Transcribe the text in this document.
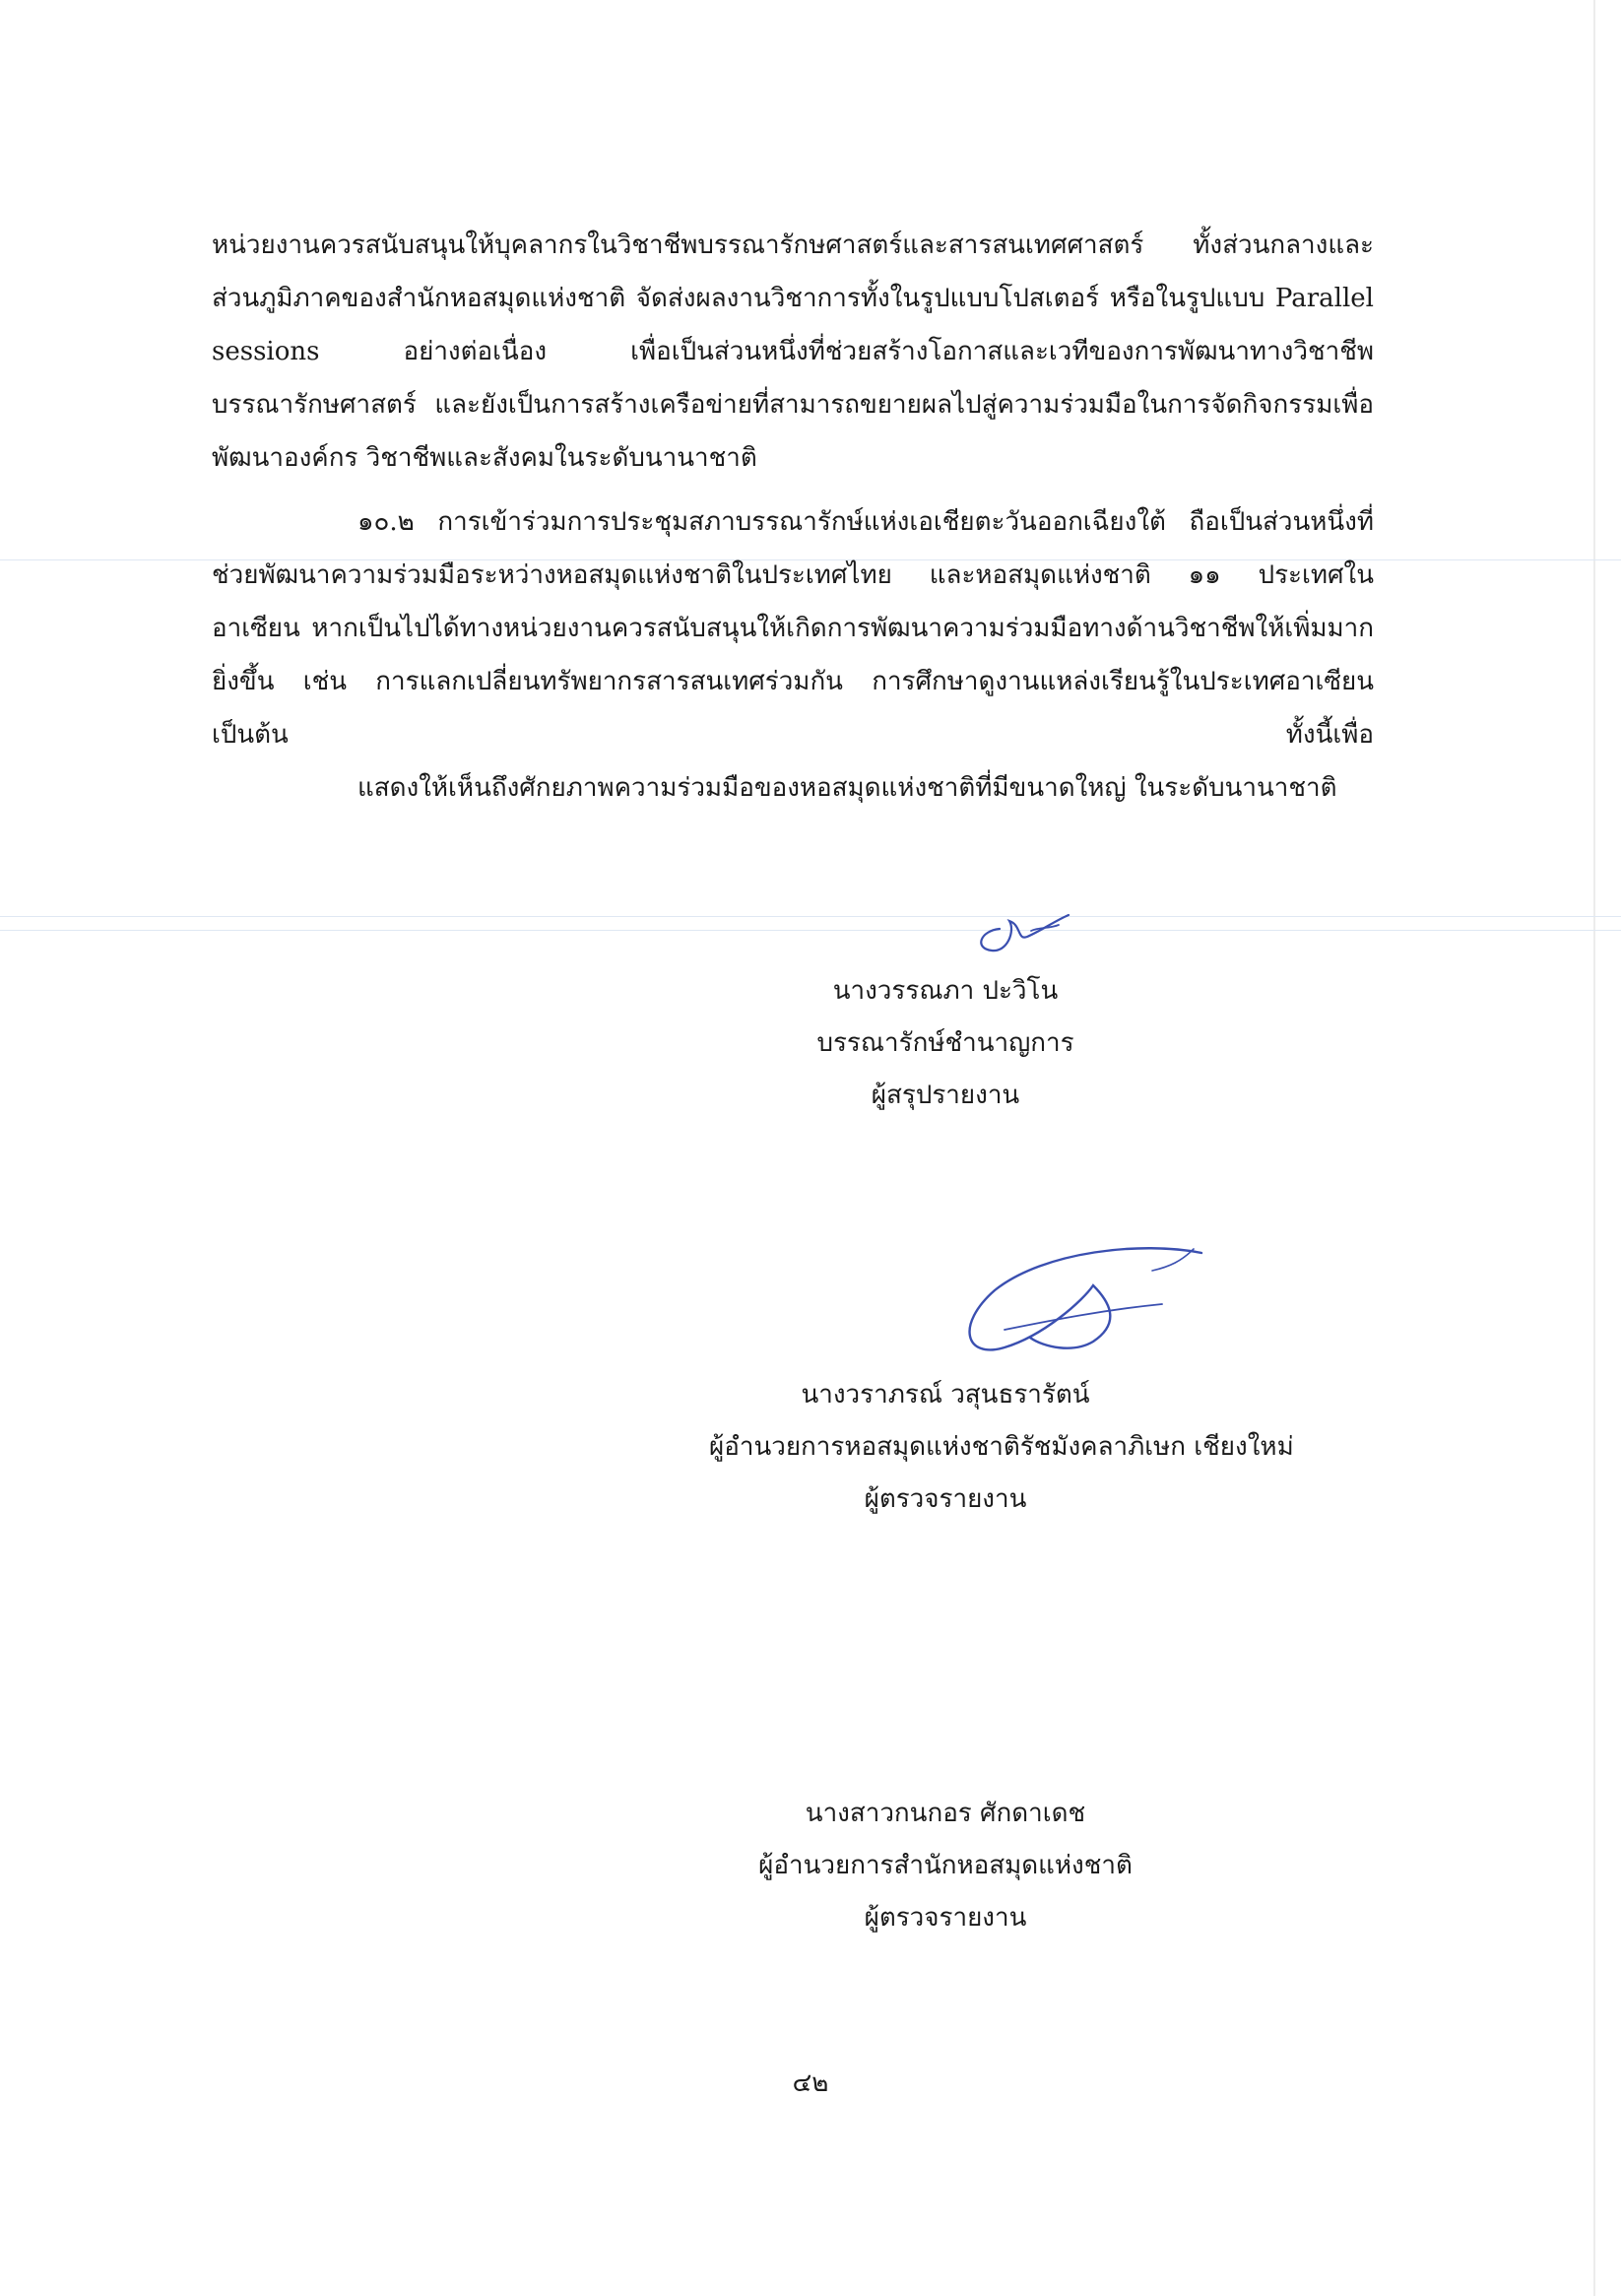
หน่วยงานควรสนับสนุนให้บุคลากรในวิชาชีพบรรณารักษศาสตร์และสารสนเทศศาสตร์ ทั้งส่วนกลางและส่วนภูมิภาคของสำนักหอสมุดแห่งชาติ จัดส่งผลงานวิชาการทั้งในรูปแบบโปสเตอร์ หรือในรูปแบบ Parallel sessions อย่างต่อเนื่อง เพื่อเป็นส่วนหนึ่งที่ช่วยสร้างโอกาสและเวทีของการพัฒนาทางวิชาชีพบรรณารักษศาสตร์ และยังเป็นการสร้างเครือข่ายที่สามารถขยายผลไปสู่ความร่วมมือในการจัดกิจกรรมเพื่อ
พัฒนาองค์กร วิชาชีพและสังคมในระดับนานาชาติ

๑๐.๒ การเข้าร่วมการประชุมสภาบรรณารักษ์แห่งเอเชียตะวันออกเฉียงใต้ ถือเป็นส่วนหนึ่งที่ช่วยพัฒนาความร่วมมือระหว่างหอสมุดแห่งชาติในประเทศไทย และหอสมุดแห่งชาติ ๑๑ ประเทศในอาเซียน หากเป็นไปได้ทางหน่วยงานควรสนับสนุนให้เกิดการพัฒนาความร่วมมือทางด้านวิชาชีพให้เพิ่มมากยิ่งขึ้น เช่น การแลกเปลี่ยนทรัพยากรสารสนเทศร่วมกัน การศึกษาดูงานแหล่งเรียนรู้ในประเทศอาเซียน เป็นต้น ทั้งนี้เพื่อ
แสดงให้เห็นถึงศักยภาพความร่วมมือของหอสมุดแห่งชาติที่มีขนาดใหญ่ ในระดับนานาชาติ

นางวรรณภา ปะวิโน
บรรณารักษ์ชำนาญการ
ผู้สรุปรายงาน
นางวราภรณ์ วสุนธรารัตน์
ผู้อำนวยการหอสมุดแห่งชาติรัชมังคลาภิเษก เชียงใหม่
ผู้ตรวจรายงาน
นางสาวกนกอร ศักดาเดช
ผู้อำนวยการสำนักหอสมุดแห่งชาติ
ผู้ตรวจรายงาน
๔๒
